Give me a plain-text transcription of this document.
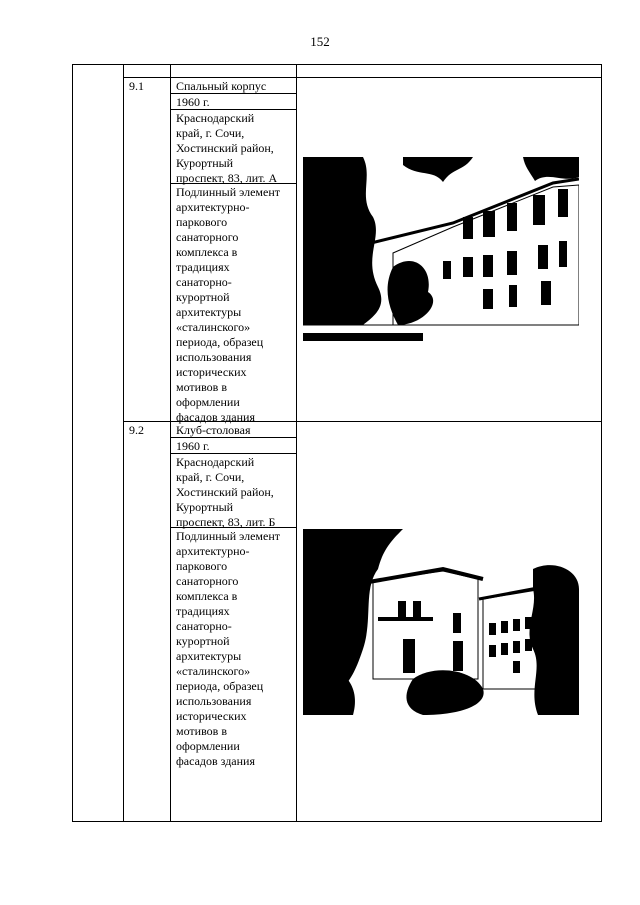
152
9.1	Спальный корпус
1960 г.
Краснодарский
край, г. Сочи,
Хостинский район,
Курортный
проспект, 83, лит. А
Подлинный элемент
архитектурно-
паркового
санаторного
комплекса в
традициях
санаторно-
курортной
архитектуры
«сталинского»
периода, образец
использования
исторических
мотивов в
оформлении
фасадов здания
9.2	Клуб-столовая
1960 г.
Краснодарский
край, г. Сочи,
Хостинский район,
Курортный
проспект, 83, лит. Б
Подлинный элемент
архитектурно-
паркового
санаторного
комплекса в
традициях
санаторно-
курортной
архитектуры
«сталинского»
периода, образец
использования
исторических
мотивов в
оформлении
фасадов здания
